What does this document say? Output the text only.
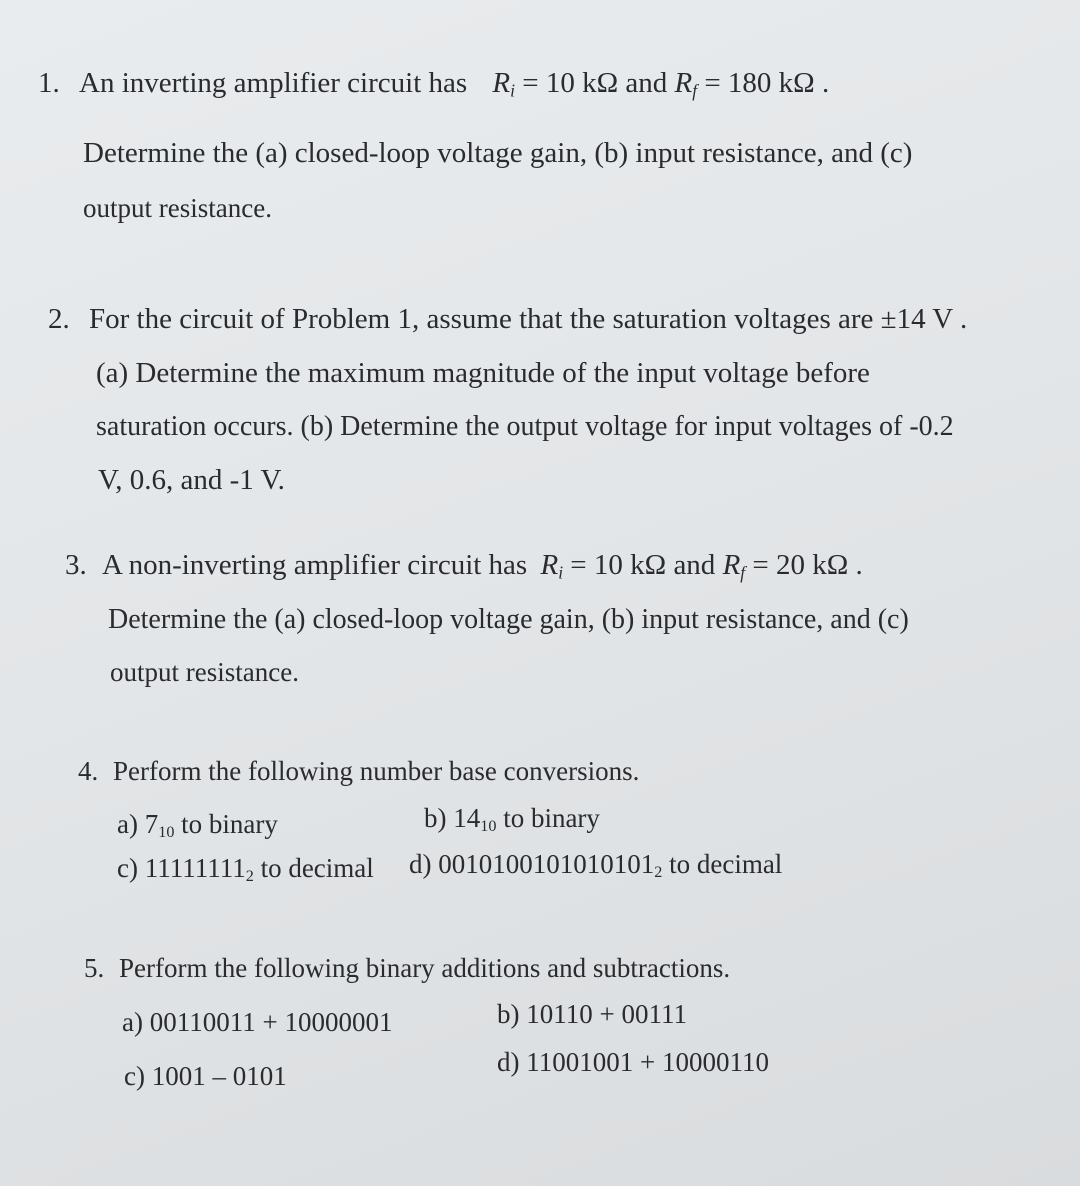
1. An inverting amplifier circuit has $R_i = 10$ kΩ and $R_f = 180$ kΩ .
Determine the (a) closed-loop voltage gain, (b) input resistance, and (c)
output resistance.
2. For the circuit of Problem 1, assume that the saturation voltages are ±14 V .
(a) Determine the maximum magnitude of the input voltage before
saturation occurs. (b) Determine the output voltage for input voltages of -0.2
V, 0.6, and -1 V.
3. A non-inverting amplifier circuit has $R_i = 10$ kΩ and $R_f = 20$ kΩ .
Determine the (a) closed-loop voltage gain, (b) input resistance, and (c)
output resistance.
4. Perform the following number base conversions.
a) $7_{10}$ to binary	b) $14_{10}$ to binary
c) $11111111_2$ to decimal d) $0010100101010101_2$ to decimal
5. Perform the following binary additions and subtractions.
a) 00110011 + 10000001	b) 10110 + 00111
c) 1001 – 0101	d) 11001001 + 10000110
